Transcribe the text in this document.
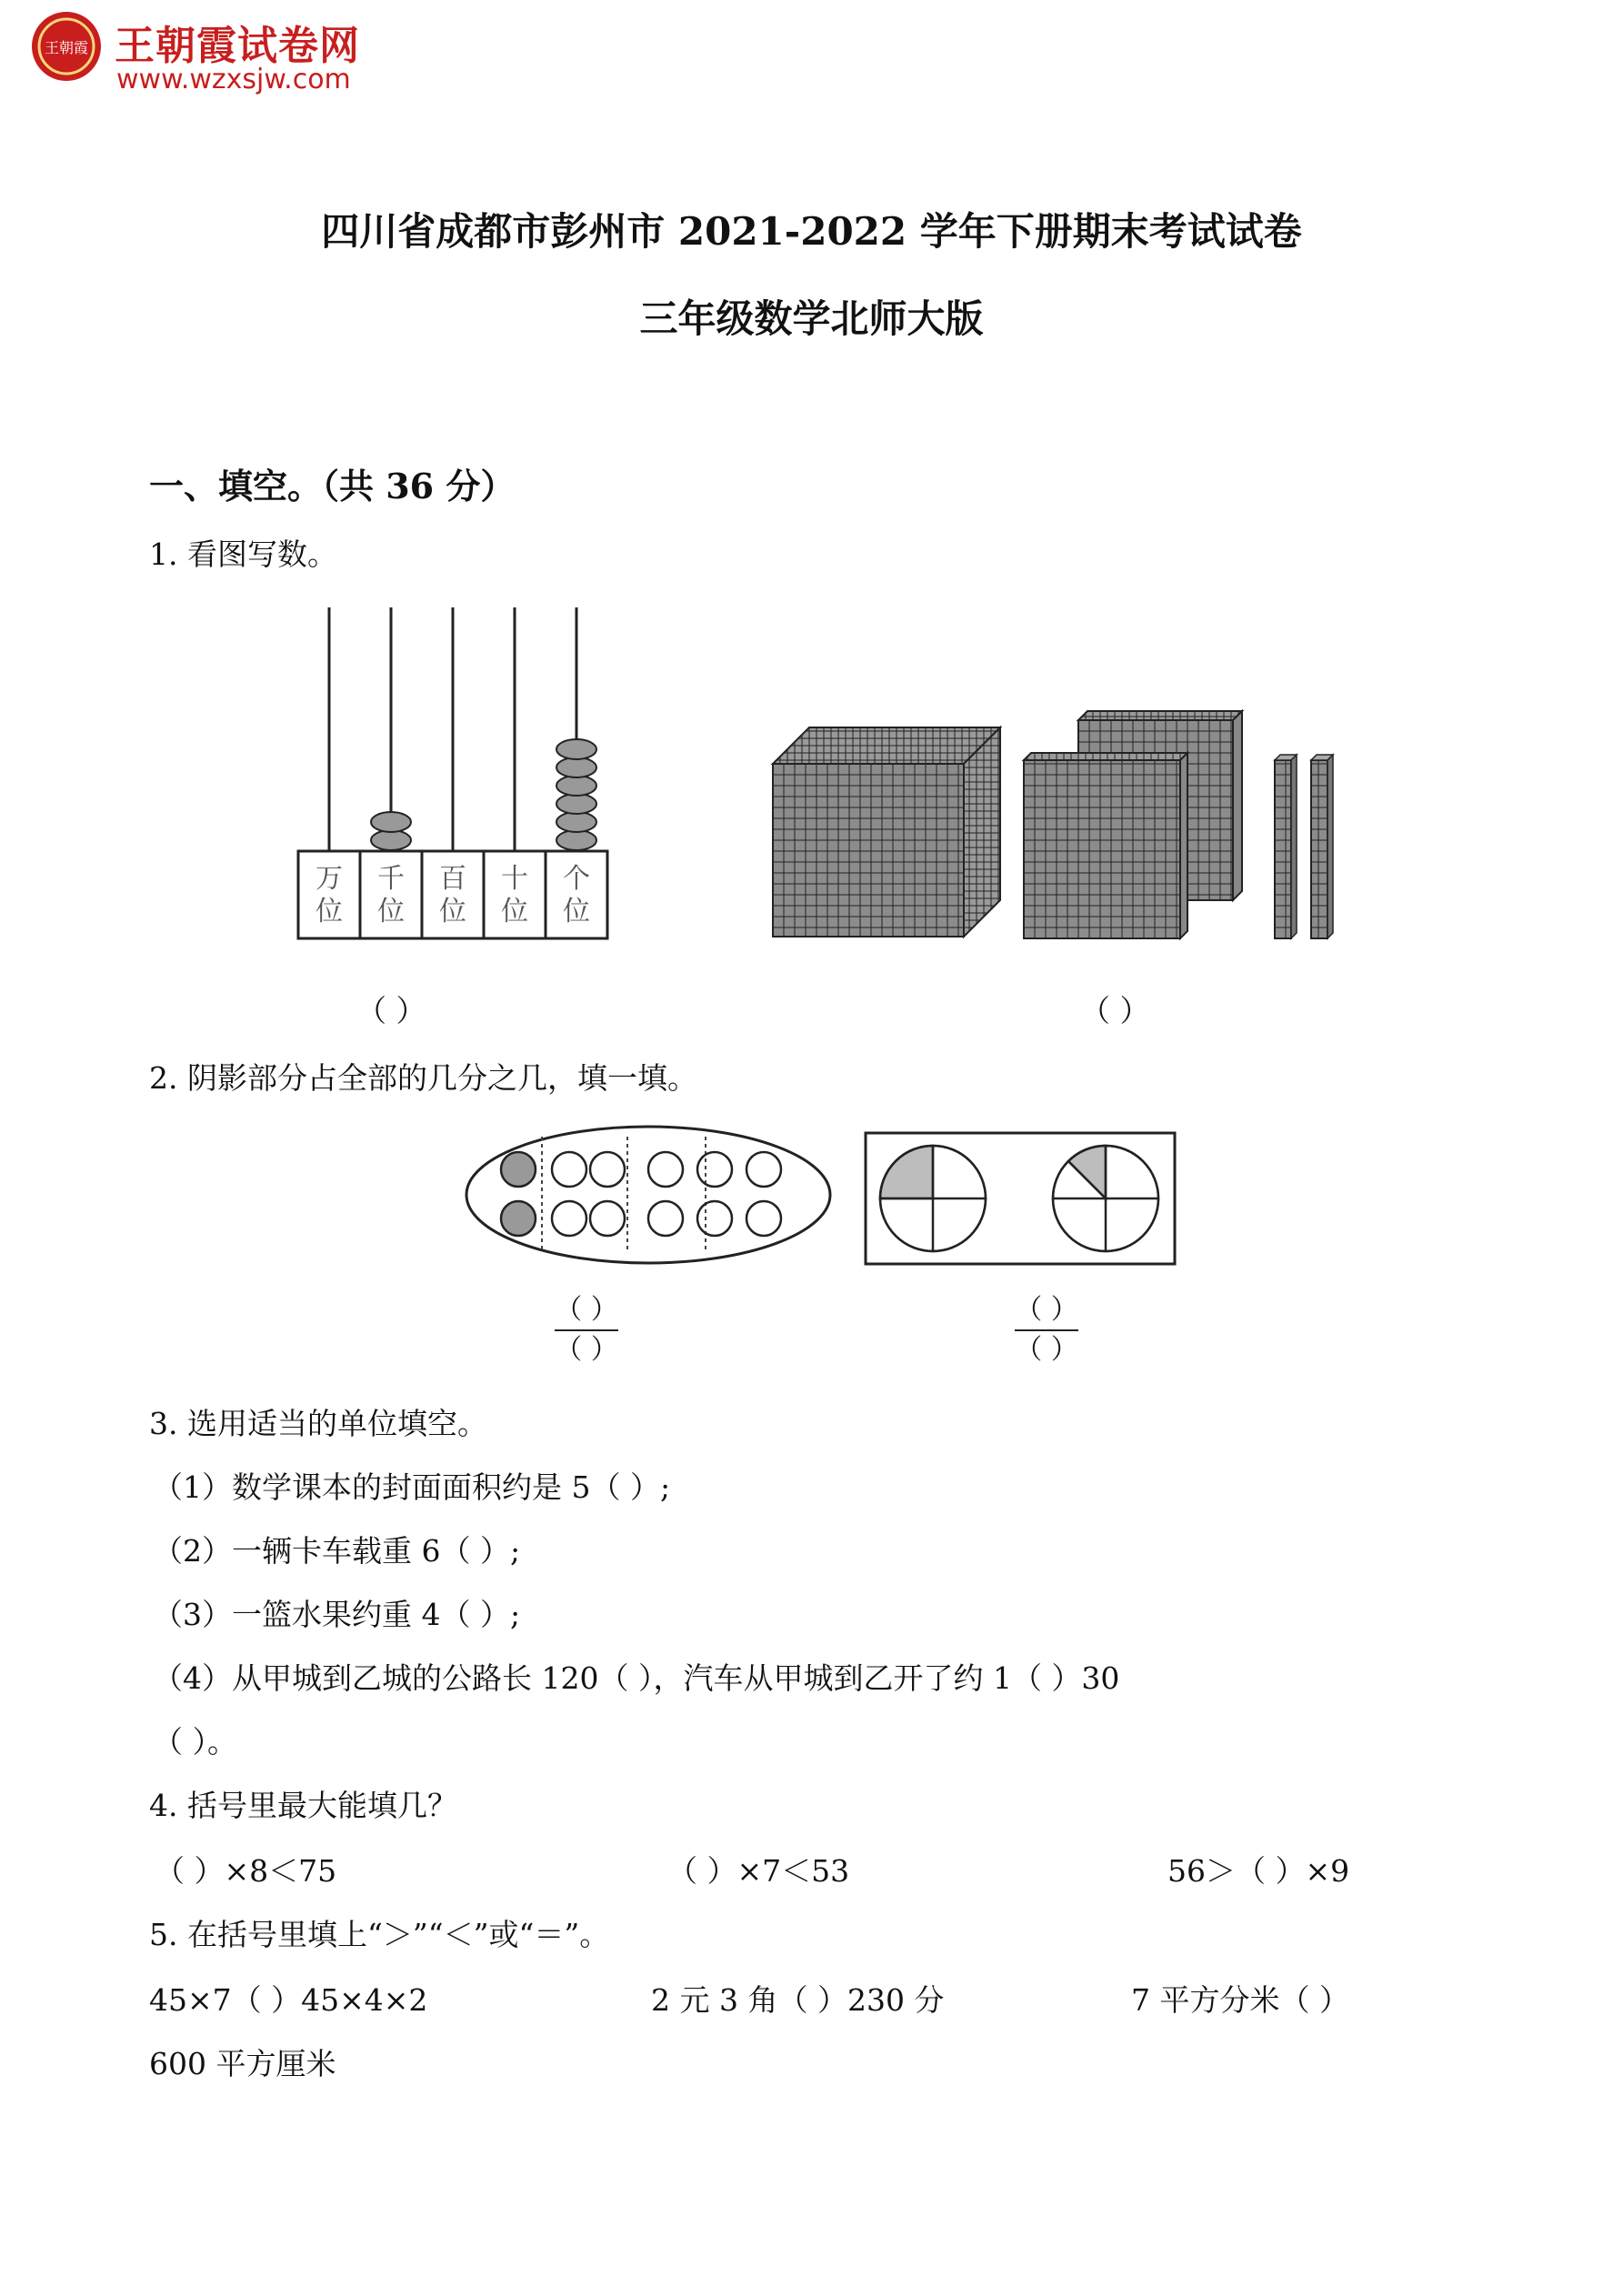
王朝霞 王朝霞试卷网
www.wzxsjw.com
四川省成都市彭州市 2021-2022 学年下册期末考试试卷
三年级数学北师大版
一、填空。（共 36 分）
1. 看图写数。
万
位
千
位
百
位
十
位
个
位
（ ）	（ ）
2. 阴影部分占全部的几分之几，填一填。
（ ）
（ ）
（ ）
（ ）
3. 选用适当的单位填空。
（1）数学课本的封面面积约是 5（ ）;
（2）一辆卡车载重 6（ ）;
（3）一篮水果约重 4（ ）;
（4）从甲城到乙城的公路长 120（ ），汽车从甲城到乙开了约 1（ ）30
（ ）。
4. 括号里最大能填几？
（ ）×8＜75	（ ）×7＜53	56＞（ ）×9
5. 在括号里填上“＞”“＜”或“＝”。
45×7（ ）45×4×2	2 元 3 角（ ）230 分	7 平方分米（ ）
600 平方厘米
